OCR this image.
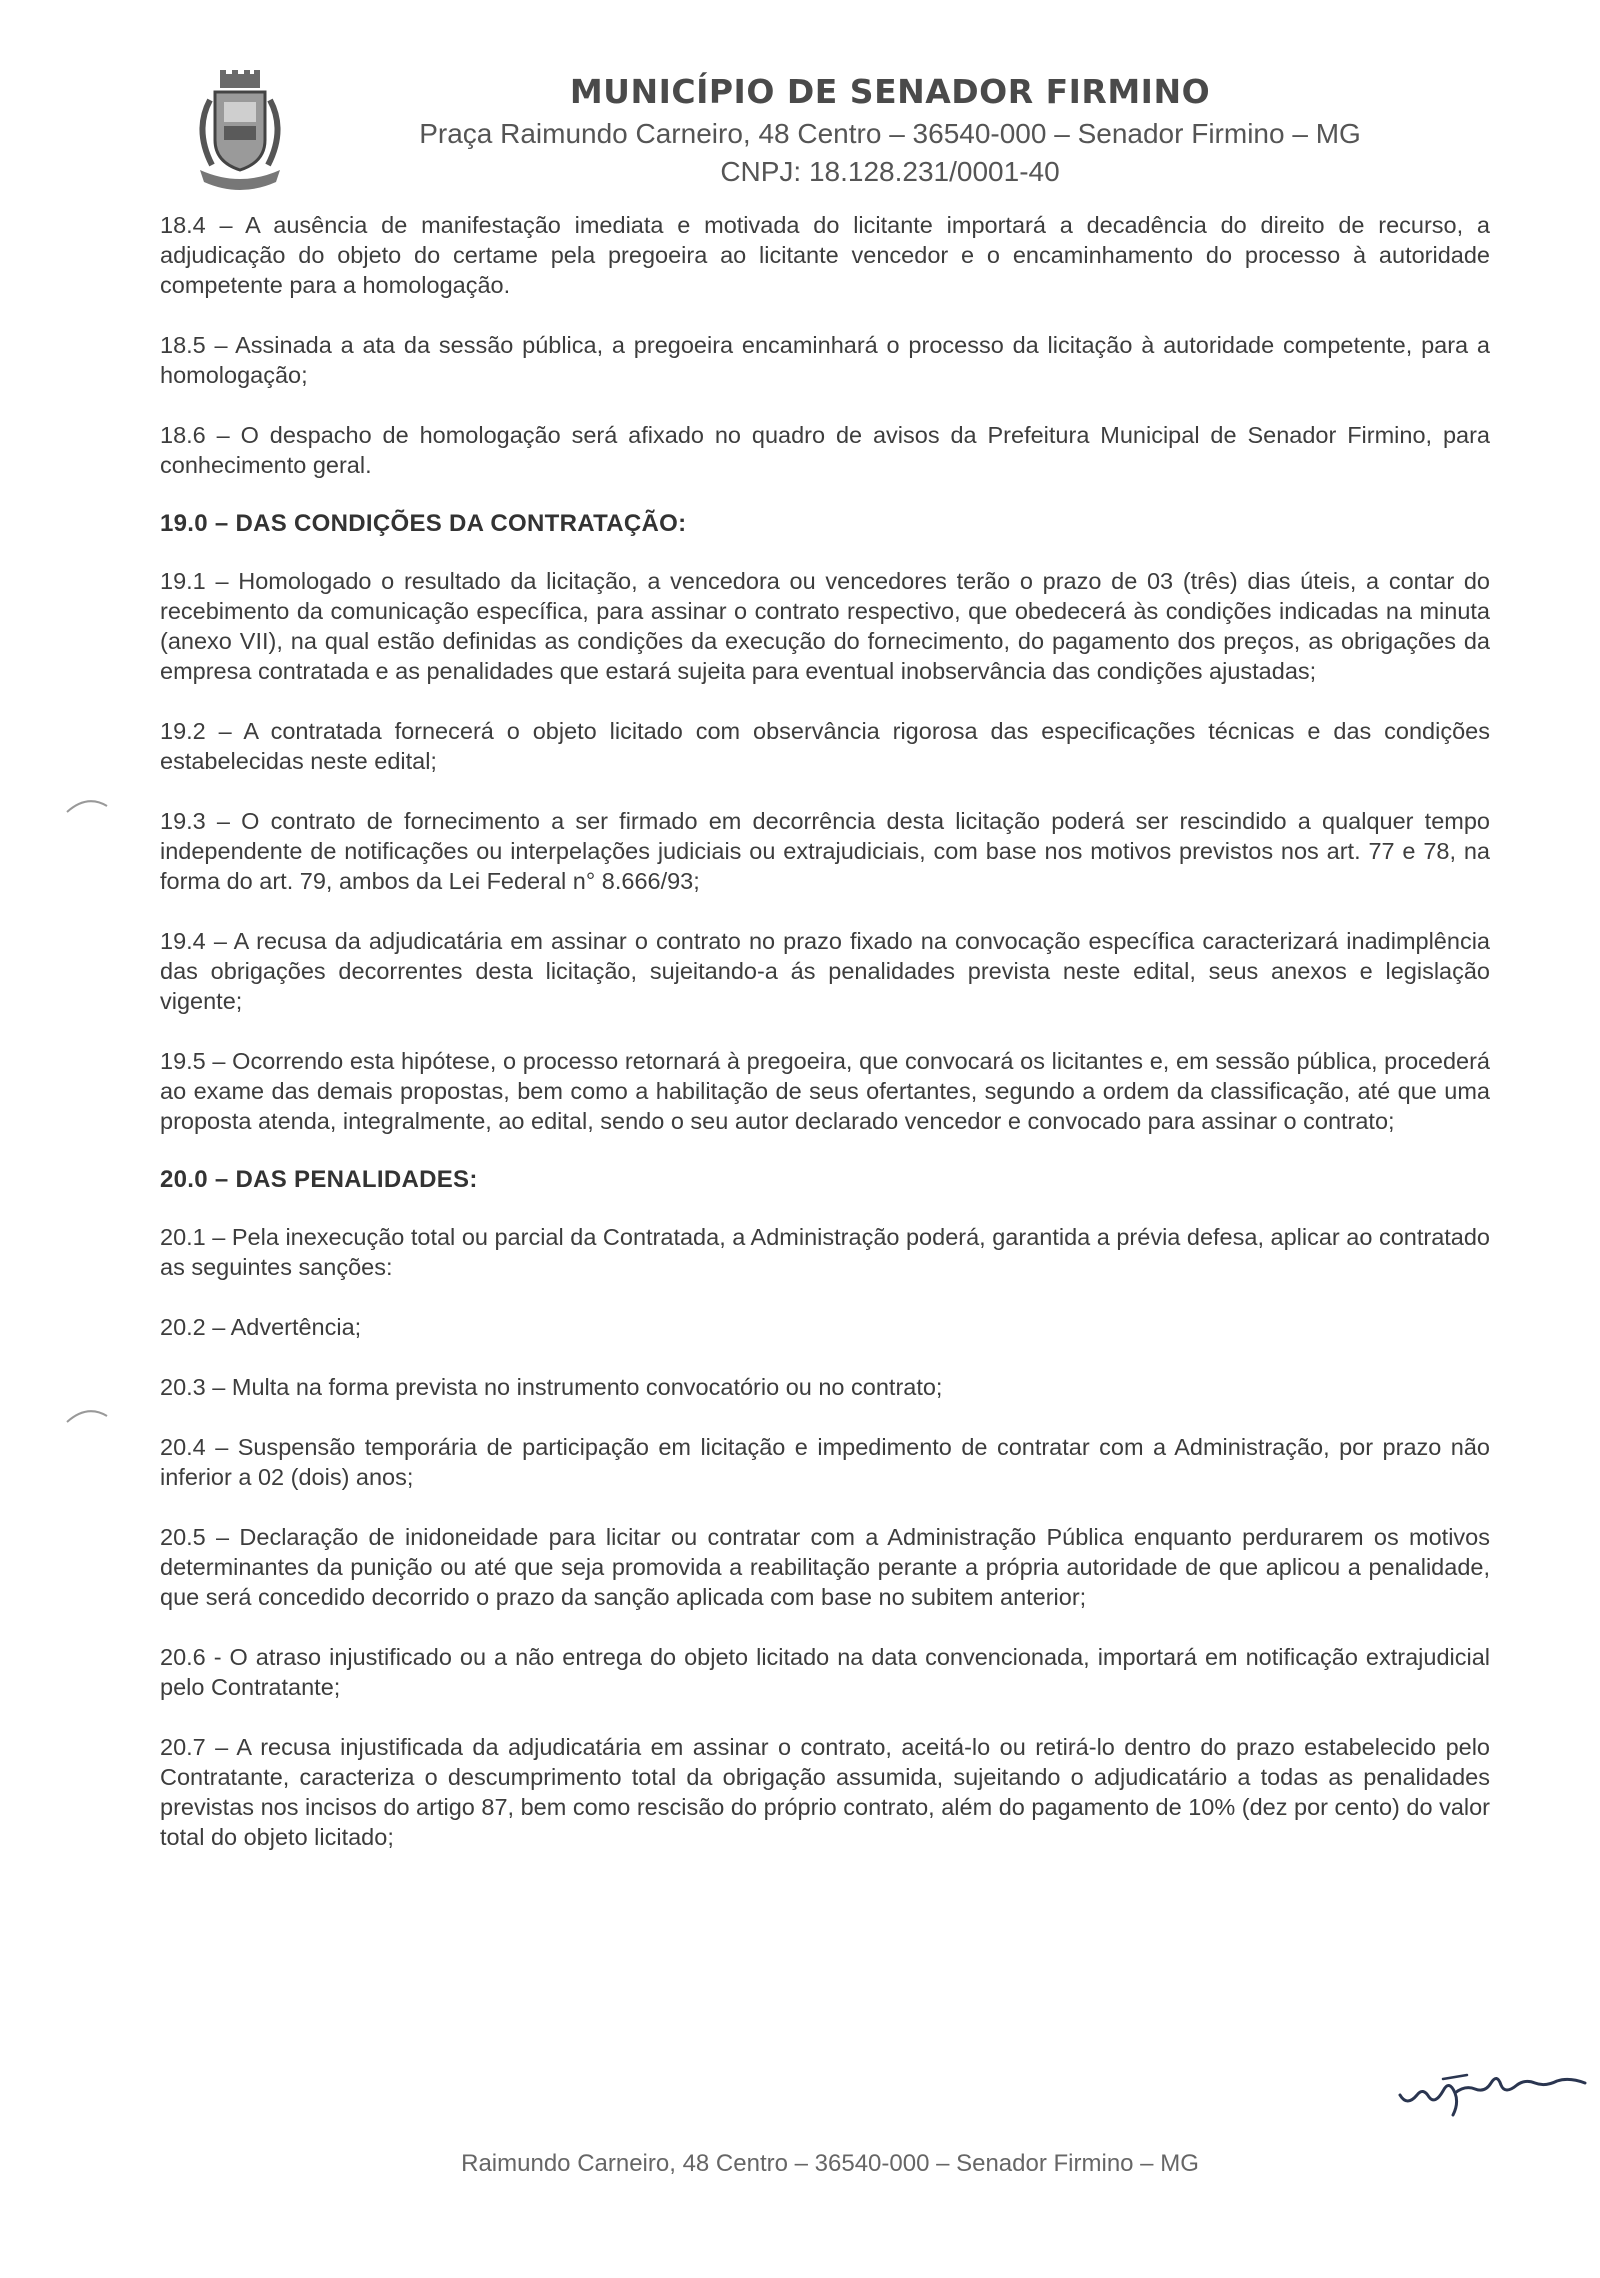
MUNICÍPIO DE SENADOR FIRMINO
Praça Raimundo Carneiro, 48 Centro – 36540-000 – Senador Firmino – MG
CNPJ: 18.128.231/0001-40

18.4 – A ausência de manifestação imediata e motivada do licitante importará a decadência do direito de recurso, a adjudicação do objeto do certame pela pregoeira ao licitante vencedor e o encaminhamento do processo à autoridade competente para a homologação.

18.5 – Assinada a ata da sessão pública, a pregoeira encaminhará o processo da licitação à autoridade competente, para a homologação;

18.6 – O despacho de homologação será afixado no quadro de avisos da Prefeitura Municipal de Senador Firmino, para conhecimento geral.

19.0 – DAS CONDIÇÕES DA CONTRATAÇÃO:

19.1 – Homologado o resultado da licitação, a vencedora ou vencedores terão o prazo de 03 (três) dias úteis, a contar do recebimento da comunicação específica, para assinar o contrato respectivo, que obedecerá às condições indicadas na minuta (anexo VII), na qual estão definidas as condições da execução do fornecimento, do pagamento dos preços, as obrigações da empresa contratada e as penalidades que estará sujeita para eventual inobservância das condições ajustadas;

19.2 – A contratada fornecerá o objeto licitado com observância rigorosa das especificações técnicas e das condições estabelecidas neste edital;

19.3 – O contrato de fornecimento a ser firmado em decorrência desta licitação poderá ser rescindido a qualquer tempo independente de notificações ou interpelações judiciais ou extrajudiciais, com base nos motivos previstos nos art. 77 e 78, na forma do art. 79, ambos da Lei Federal n° 8.666/93;

19.4 – A recusa da adjudicatária em assinar o contrato no prazo fixado na convocação específica caracterizará inadimplência das obrigações decorrentes desta licitação, sujeitando-a ás penalidades prevista neste edital, seus anexos e legislação vigente;

19.5 – Ocorrendo esta hipótese, o processo retornará à pregoeira, que convocará os licitantes e, em sessão pública, procederá ao exame das demais propostas, bem como a habilitação de seus ofertantes, segundo a ordem da classificação, até que uma proposta atenda, integralmente, ao edital, sendo o seu autor declarado vencedor e convocado para assinar o contrato;

20.0 – DAS PENALIDADES:

20.1 – Pela inexecução total ou parcial da Contratada, a Administração poderá, garantida a prévia defesa, aplicar ao contratado as seguintes sanções:

20.2 – Advertência;

20.3 – Multa na forma prevista no instrumento convocatório ou no contrato;

20.4 – Suspensão temporária de participação em licitação e impedimento de contratar com a Administração, por prazo não inferior a 02 (dois) anos;

20.5 – Declaração de inidoneidade para licitar ou contratar com a Administração Pública enquanto perdurarem os motivos determinantes da punição ou até que seja promovida a reabilitação perante a própria autoridade de que aplicou a penalidade, que será concedido decorrido o prazo da sanção aplicada com base no subitem anterior;

20.6 - O atraso injustificado ou a não entrega do objeto licitado na data convencionada, importará em notificação extrajudicial pelo Contratante;

20.7 – A recusa injustificada da adjudicatária em assinar o contrato, aceitá-lo ou retirá-lo dentro do prazo estabelecido pelo Contratante, caracteriza o descumprimento total da obrigação assumida, sujeitando o adjudicatário a todas as penalidades previstas nos incisos do artigo 87, bem como rescisão do próprio contrato, além do pagamento de 10% (dez por cento) do valor total do objeto licitado;

Raimundo Carneiro, 48 Centro – 36540-000 – Senador Firmino – MG
